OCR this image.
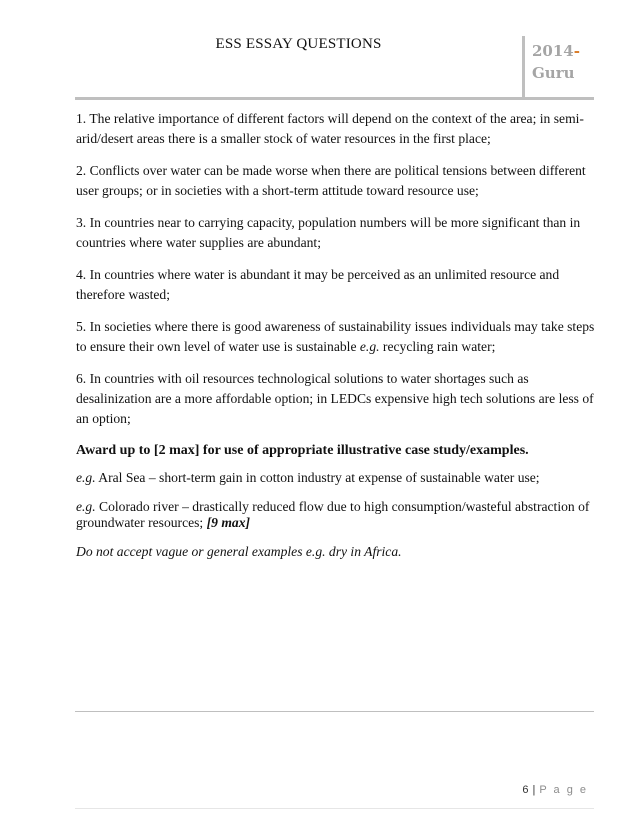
ESS ESSAY QUESTIONS	2014-
Guru

1. The relative importance of different factors will depend on the context of the area; in semi-arid/desert areas there is a smaller stock of water resources in the first place;

2. Conflicts over water can be made worse when there are political tensions between different user groups; or in societies with a short-term attitude toward resource use;

3. In countries near to carrying capacity, population numbers will be more significant than in countries where water supplies are abundant;

4. In countries where water is abundant it may be perceived as an unlimited resource and therefore wasted;

5. In societies where there is good awareness of sustainability issues individuals may take steps to ensure their own level of water use is sustainable e.g. recycling rain water;

6. In countries with oil resources technological solutions to water shortages such as desalinization are a more affordable option; in LEDCs expensive high tech solutions are less of an option;

Award up to [2 max] for use of appropriate illustrative case study/examples.

e.g. Aral Sea – short-term gain in cotton industry at expense of sustainable water use;

e.g. Colorado river – drastically reduced flow due to high consumption/wasteful abstraction of groundwater resources; [9 max]

Do not accept vague or general examples e.g. dry in Africa.

6 | P a g e
